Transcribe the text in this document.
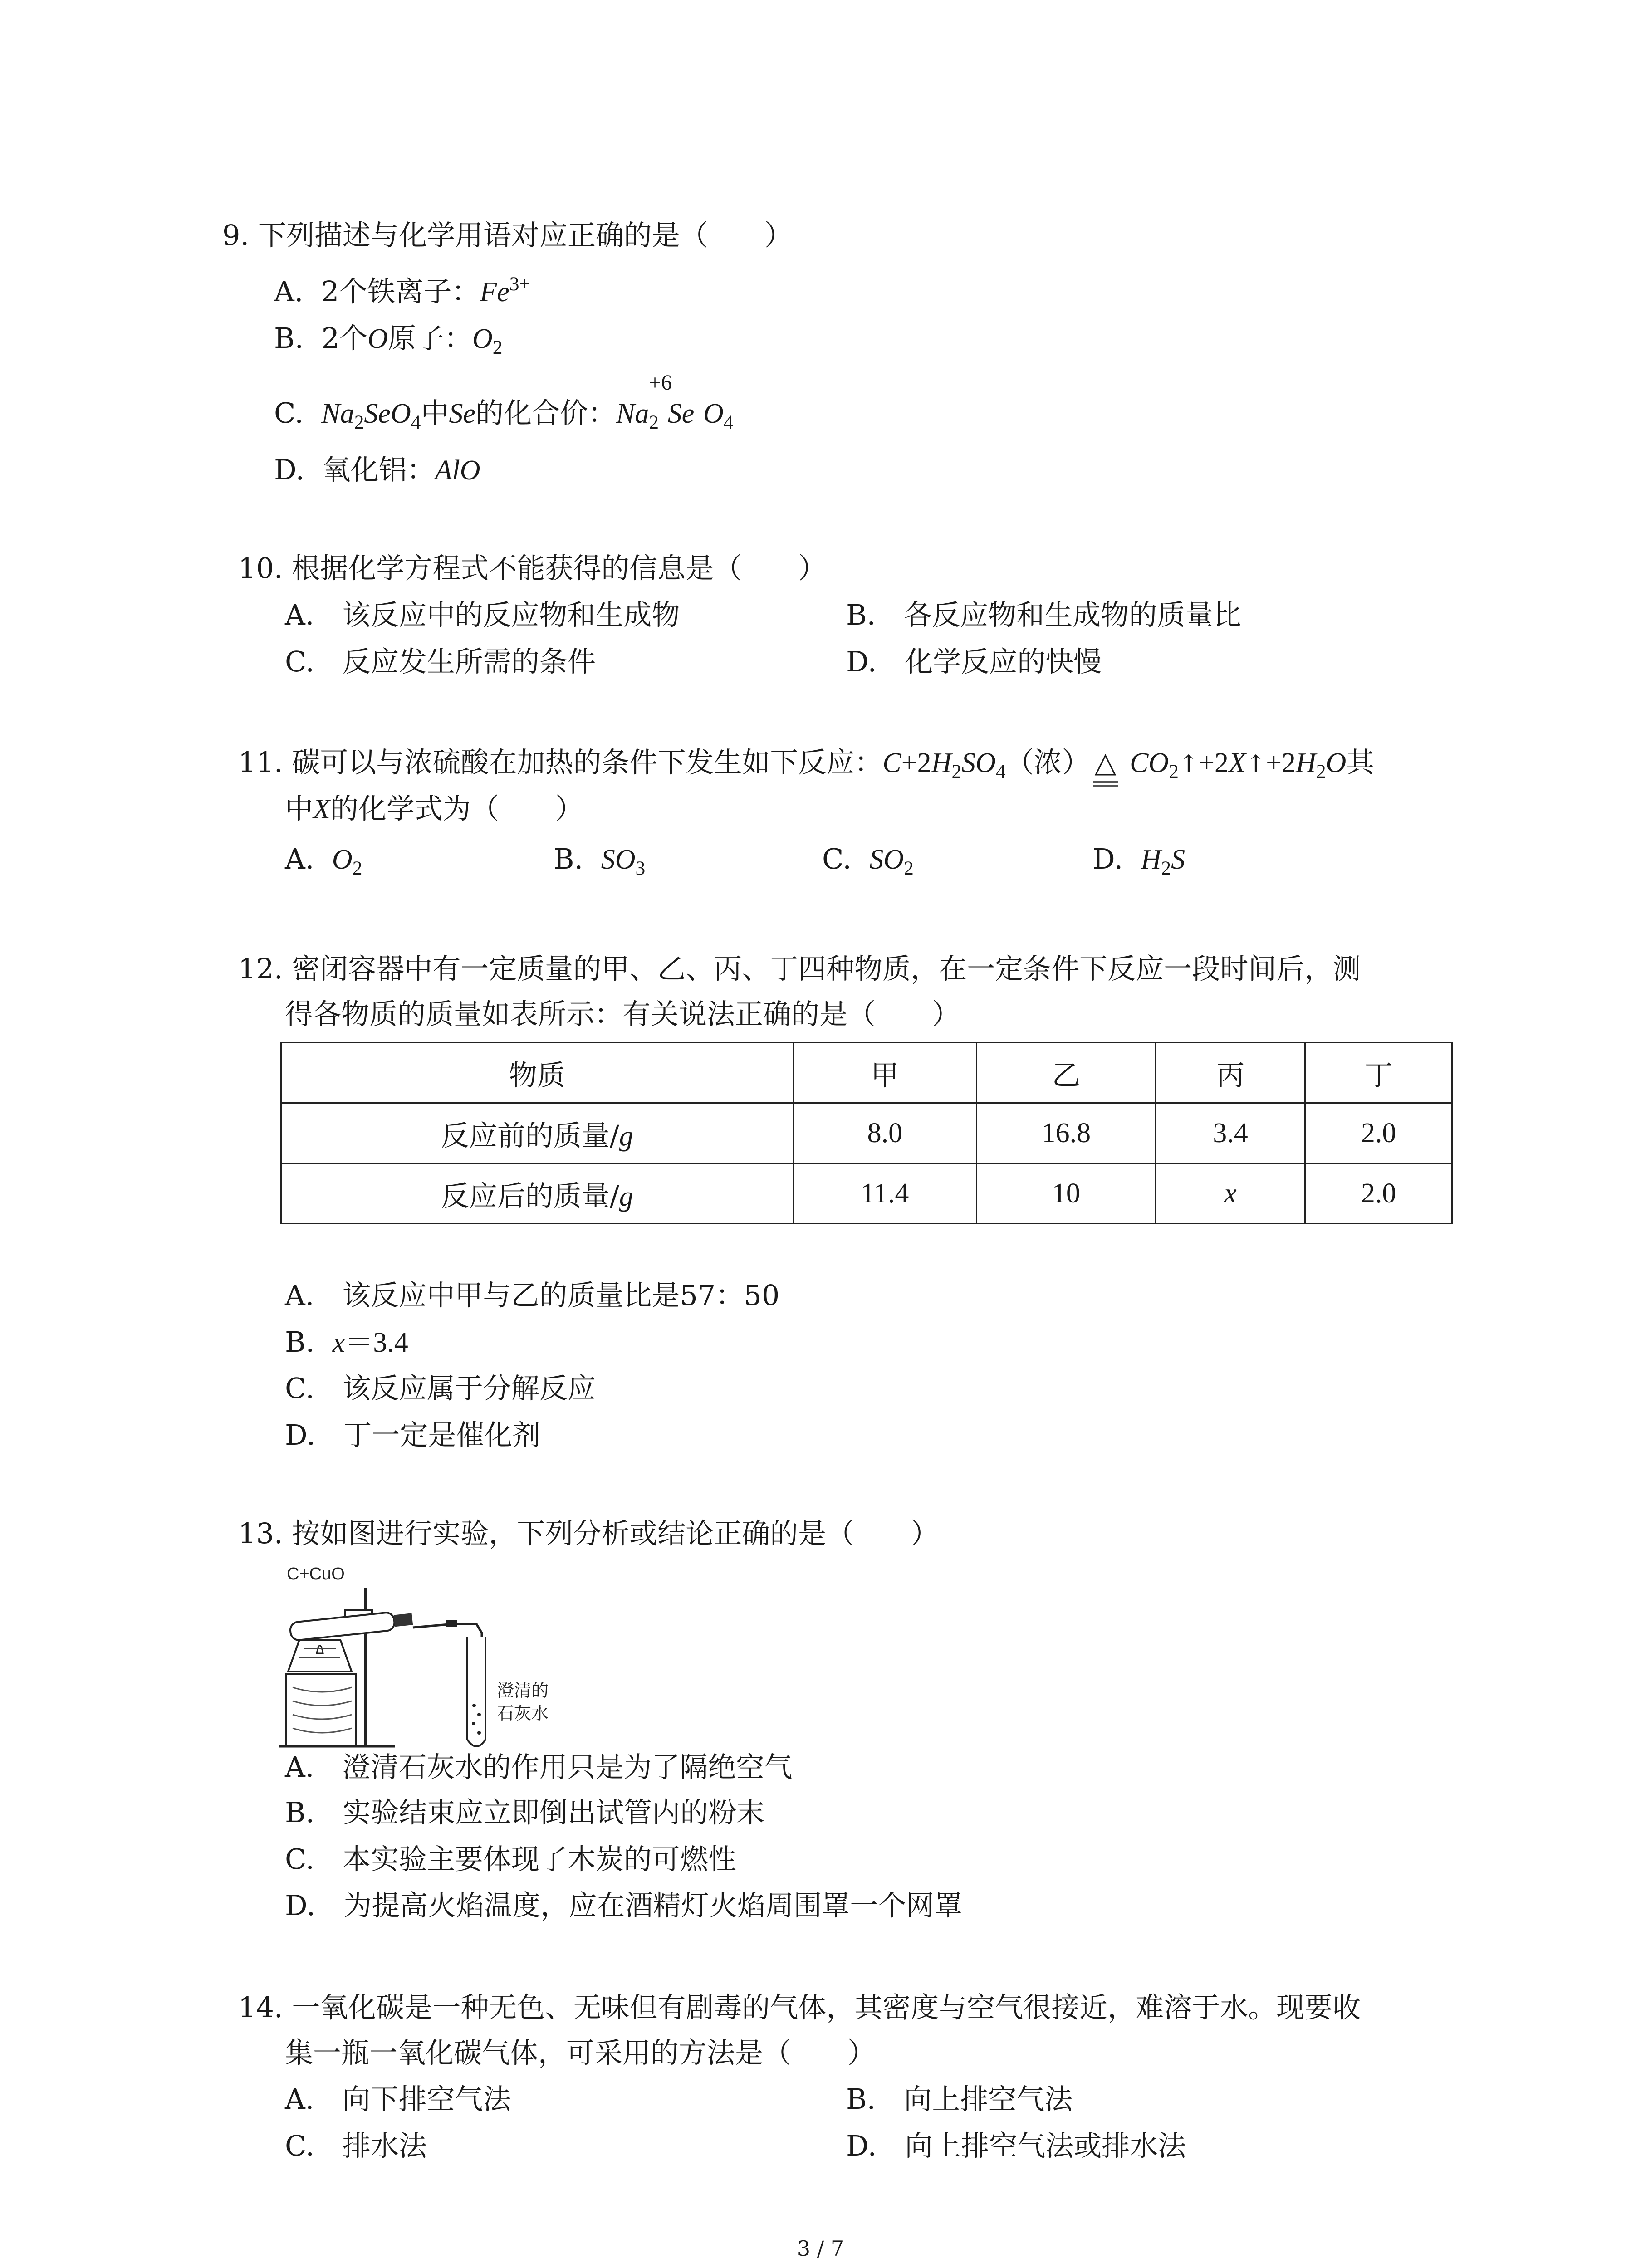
9. 下列描述与化学用语对应正确的是（　　）
A. 2个铁离子：$Fe^{3+}$
B. 2个O原子：$O_2$
+6
C. $Na_2SeO_4$中Se的化合价：$Na_2$ Se $O_4$
D. 氧化铝：AlO
10. 根据化学方程式不能获得的信息是（　　）
A.　该反应中的反应物和生成物	B.　各反应物和生成物的质量比
C.　反应发生所需的条件	D.　化学反应的快慢
11. 碳可以与浓硫酸在加热的条件下发生如下反应：$C+2H_2SO_4$（浓） △ $CO_2↑+2X↑+2H_2O$其
中X的化学式为（　　）
A. $O_2$	B. $SO_3$	C. $SO_2$	D. $H_2S$
12. 密闭容器中有一定质量的甲、乙、丙、丁四种物质，在一定条件下反应一段时间后，测
得各物质的质量如表所示：有关说法正确的是（　　）
物质	甲	乙	丙	丁
反应前的质量/g	8.0	16.8	3.4	2.0
反应后的质量/g	11.4	10	x	2.0
A.　该反应中甲与乙的质量比是57：50
B. x＝3.4
C.　该反应属于分解反应
D.　丁一定是催化剂
13. 按如图进行实验，下列分析或结论正确的是（　　）
C+CuO
澄清的
石灰水
A.　澄清石灰水的作用只是为了隔绝空气
B.　实验结束应立即倒出试管内的粉末
C.　本实验主要体现了木炭的可燃性
D.　为提高火焰温度，应在酒精灯火焰周围罩一个网罩
14. 一氧化碳是一种无色、无味但有剧毒的气体，其密度与空气很接近，难溶于水。现要收
集一瓶一氧化碳气体，可采用的方法是（　　）
A.　向下排空气法	B.　向上排空气法
C.　排水法	D.　向上排空气法或排水法
3 / 7
